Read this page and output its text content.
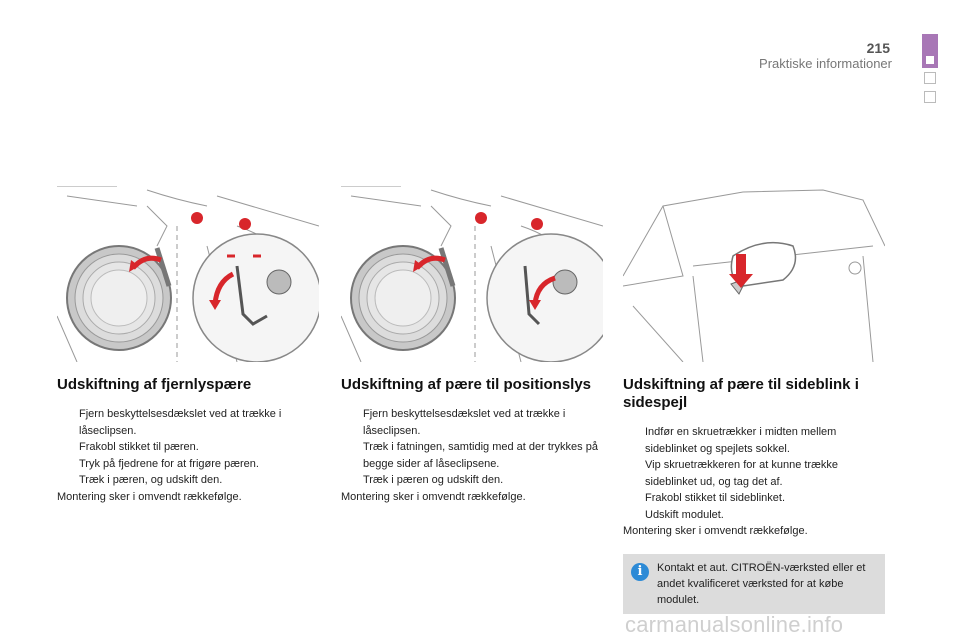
215
Praktiske informationer
Udskiftning af fjernlyspære
Fjern beskyttelsesdækslet ved at trække i låseclipsen.
Frakobl stikket til pæren.
Tryk på fjedrene for at frigøre pæren.
Træk i pæren, og udskift den.
Montering sker i omvendt rækkefølge.
Udskiftning af pære til positionslys
Fjern beskyttelsesdækslet ved at trække i låseclipsen.
Træk i fatningen, samtidig med at der trykkes på begge sider af låseclipsene.
Træk i pæren og udskift den.
Montering sker i omvendt rækkefølge.
Udskiftning af pære til sideblink i sidespejl
Indfør en skruetrækker i midten mellem sideblinket og spejlets sokkel.
Vip skruetrækkeren for at kunne trække sideblinket ud, og tag det af.
Frakobl stikket til sideblinket.
Udskift modulet.
Montering sker i omvendt rækkefølge.
i	Kontakt et aut. CITROËN-værksted eller et andet kvalificeret værksted for at købe modulet.
carmanualsonline.info
